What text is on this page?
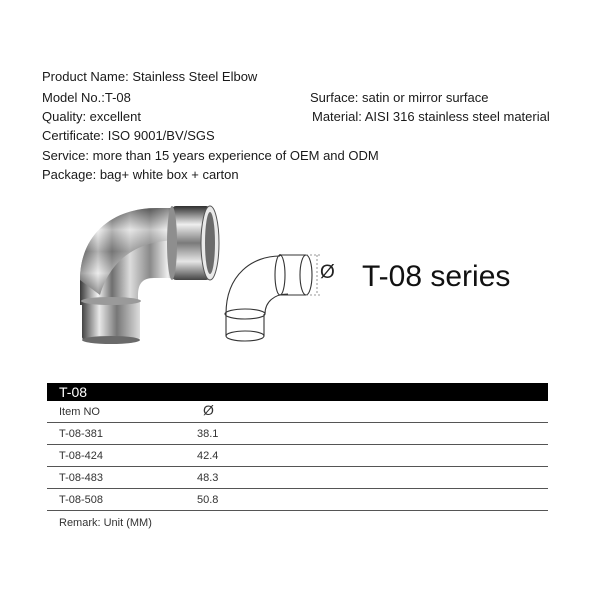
Product Name: Stainless Steel Elbow
Model No.:T-08	Surface: satin or mirror surface
Quality: excellent	Material: AISI 316 stainless steel material
Certificate: ISO 9001/BV/SGS
Service: more than 15 years experience of OEM and ODM
Package: bag+ white box + carton
Ø T-08 series
T-08
Item NO	Ø
T-08-381	38.1
T-08-424	42.4
T-08-483	48.3
T-08-508	50.8
Remark: Unit (MM)
